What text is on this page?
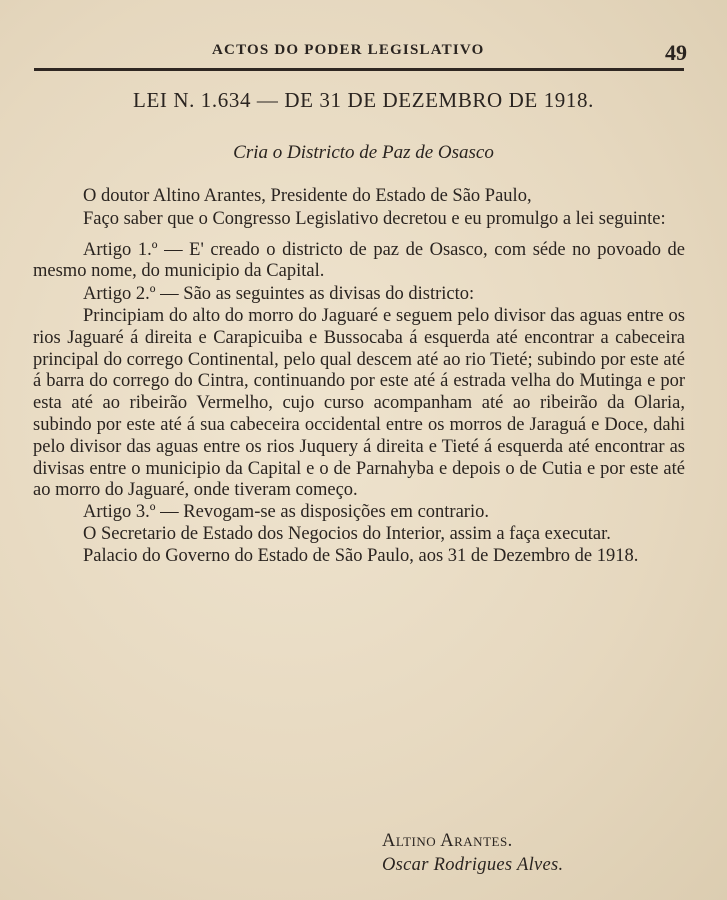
ACTOS DO PODER LEGISLATIVO	49
LEI N. 1.634 — DE 31 DE DEZEMBRO DE 1918.
Cria o Districto de Paz de Osasco

O doutor Altino Arantes, Presidente do Estado de São Paulo,

Faço saber que o Congresso Legislativo decretou e eu promulgo a lei seguinte:

Artigo 1.º — E' creado o districto de paz de Osasco, com séde no povoado de mesmo nome, do municipio da Capital.

Artigo 2.º — São as seguintes as divisas do districto:

Principiam do alto do morro do Jaguaré e seguem pelo divisor das aguas entre os rios Jaguaré á direita e Carapicuiba e Bussocaba á esquerda até encontrar a cabeceira principal do corrego Continental, pelo qual descem até ao rio Tieté; subindo por este até á barra do corrego do Cintra, continuando por este até á estrada velha do Mutinga e por esta até ao ribeirão Vermelho, cujo curso acompanham até ao ribeirão da Olaria, subindo por este até á sua cabeceira occidental entre os morros de Jaraguá e Doce, dahi pelo divisor das aguas entre os rios Juquery á direita e Tieté á esquerda até encontrar as divisas entre o municipio da Capital e o de Parnahyba e depois o de Cutia e por este até ao morro do Jaguaré, onde tiveram começo.

Artigo 3.º — Revogam-se as disposições em contrario.

O Secretario de Estado dos Negocios do Interior, assim a faça executar.

Palacio do Governo do Estado de São Paulo, aos 31 de Dezembro de 1918.

Altino Arantes.
Oscar Rodrigues Alves.
